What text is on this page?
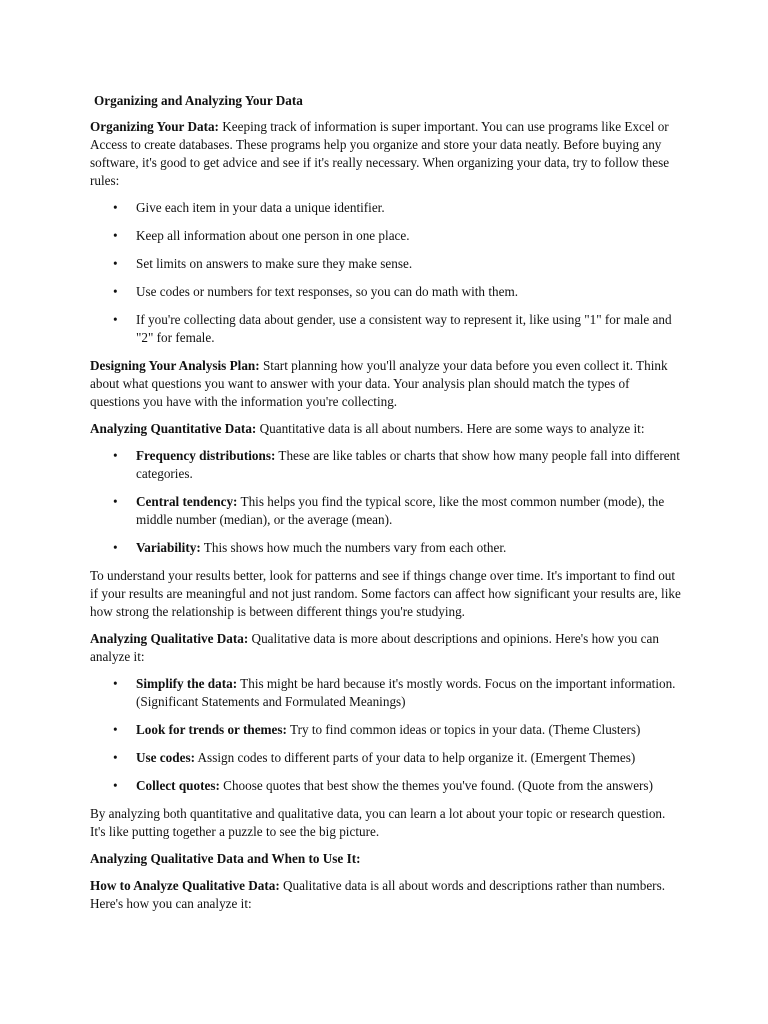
Organizing and Analyzing Your Data

Organizing Your Data: Keeping track of information is super important. You can use programs like Excel or Access to create databases. These programs help you organize and store your data neatly. Before buying any software, it's good to get advice and see if it's really necessary. When organizing your data, try to follow these rules:

• Give each item in your data a unique identifier.
• Keep all information about one person in one place.
• Set limits on answers to make sure they make sense.
• Use codes or numbers for text responses, so you can do math with them.
• If you're collecting data about gender, use a consistent way to represent it, like using "1" for male and "2" for female.

Designing Your Analysis Plan: Start planning how you'll analyze your data before you even collect it. Think about what questions you want to answer with your data. Your analysis plan should match the types of questions you have with the information you're collecting.

Analyzing Quantitative Data: Quantitative data is all about numbers. Here are some ways to analyze it:

• Frequency distributions: These are like tables or charts that show how many people fall into different categories.
• Central tendency: This helps you find the typical score, like the most common number (mode), the middle number (median), or the average (mean).
• Variability: This shows how much the numbers vary from each other.

To understand your results better, look for patterns and see if things change over time. It's important to find out if your results are meaningful and not just random. Some factors can affect how significant your results are, like how strong the relationship is between different things you're studying.

Analyzing Qualitative Data: Qualitative data is more about descriptions and opinions. Here's how you can analyze it:

• Simplify the data: This might be hard because it's mostly words. Focus on the important information. (Significant Statements and Formulated Meanings)
• Look for trends or themes: Try to find common ideas or topics in your data. (Theme Clusters)
• Use codes: Assign codes to different parts of your data to help organize it. (Emergent Themes)
• Collect quotes: Choose quotes that best show the themes you've found. (Quote from the answers)

By analyzing both quantitative and qualitative data, you can learn a lot about your topic or research question. It's like putting together a puzzle to see the big picture.

Analyzing Qualitative Data and When to Use It:

How to Analyze Qualitative Data: Qualitative data is all about words and descriptions rather than numbers. Here's how you can analyze it:
